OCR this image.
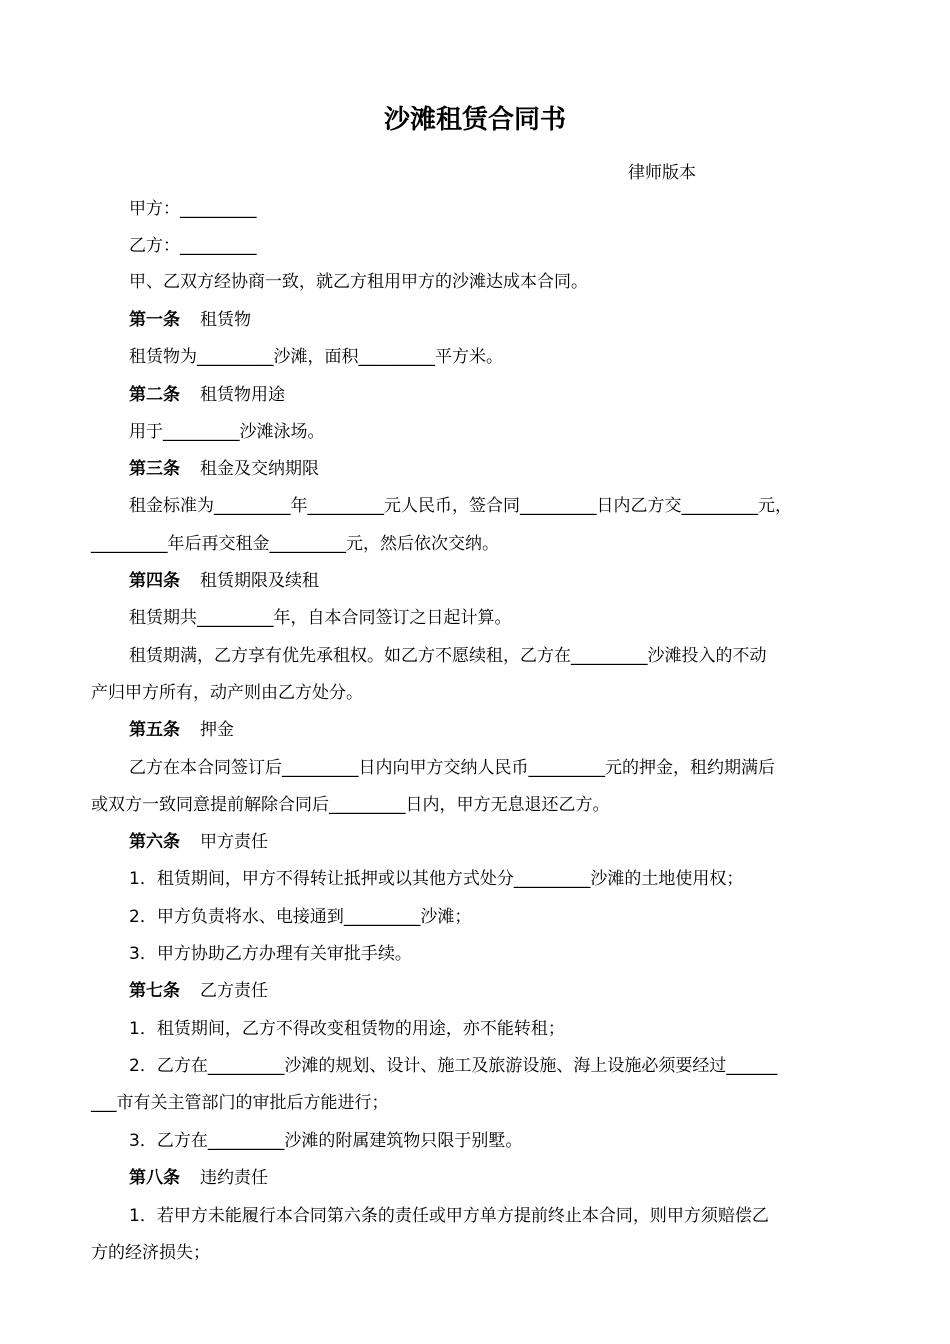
沙滩租赁合同书
律师版本
甲方：_________
乙方：_________
甲、乙双方经协商一致，就乙方租用甲方的沙滩达成本合同。
第一条 租赁物
租赁物为_________沙滩，面积_________平方米。
第二条 租赁物用途
用于_________沙滩泳场。
第三条 租金及交纳期限
租金标准为_________年_________元人民币，签合同_________日内乙方交_________元，
_________年后再交租金_________元，然后依次交纳。
第四条 租赁期限及续租
租赁期共_________年，自本合同签订之日起计算。
租赁期满，乙方享有优先承租权。如乙方不愿续租，乙方在_________沙滩投入的不动
产归甲方所有，动产则由乙方处分。
第五条 押金
乙方在本合同签订后_________日内向甲方交纳人民币_________元的押金，租约期满后
或双方一致同意提前解除合同后_________日内，甲方无息退还乙方。
第六条 甲方责任
1．租赁期间，甲方不得转让抵押或以其他方式处分_________沙滩的土地使用权；
2．甲方负责将水、电接通到_________沙滩；
3．甲方协助乙方办理有关审批手续。
第七条 乙方责任
1．租赁期间，乙方不得改变租赁物的用途，亦不能转租；
2．乙方在_________沙滩的规划、设计、施工及旅游设施、海上设施必须要经过______
___市有关主管部门的审批后方能进行；
3．乙方在_________沙滩的附属建筑物只限于别墅。
第八条 违约责任
1．若甲方未能履行本合同第六条的责任或甲方单方提前终止本合同，则甲方须赔偿乙
方的经济损失；
